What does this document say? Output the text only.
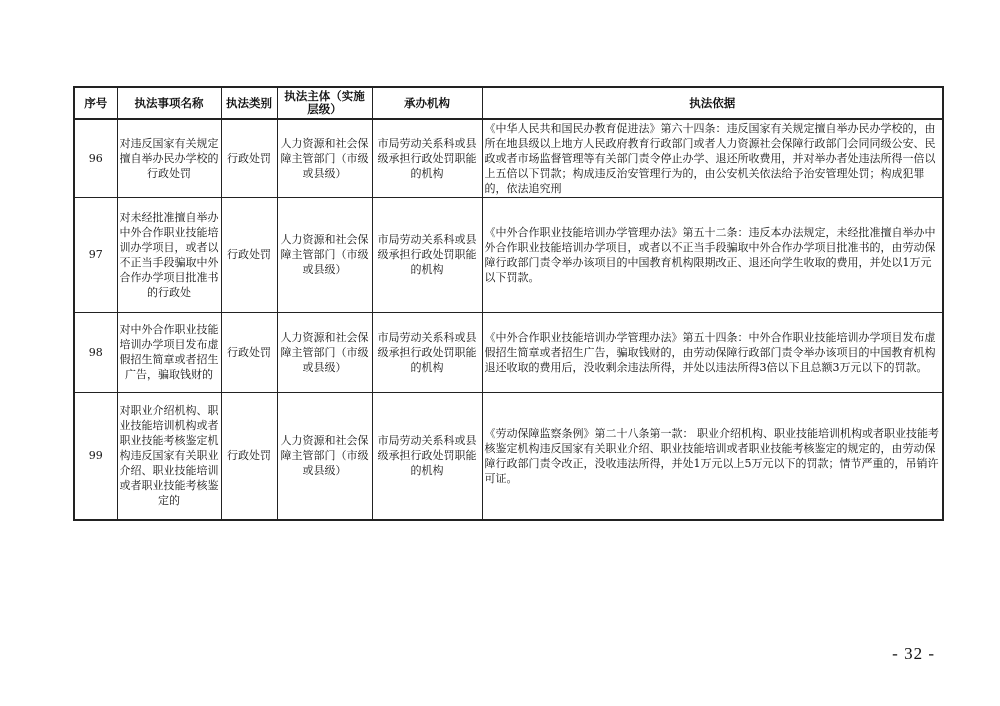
序号	执法事项名称	执法类别	执法主体（实施层级）	承办机构	执法依据
96	对违反国家有关规定擅自举办民办学校的行政处罚	行政处罚	人力资源和社会保障主管部门（市级或县级）	市局劳动关系科或县级承担行政处罚职能的机构	《中华人民共和国民办教育促进法》第六十四条：违反国家有关规定擅自举办民办学校的，由所在地县级以上地方人民政府教育行政部门或者人力资源社会保障行政部门会同同级公安、民政或者市场监督管理等有关部门责令停止办学、退还所收费用，并对举办者处违法所得一倍以上五倍以下罚款；构成违反治安管理行为的，由公安机关依法给予治安管理处罚；构成犯罪的，依法追究刑

97	对未经批准擅自举办中外合作职业技能培训办学项目，或者以不正当手段骗取中外合作办学项目批准书的行政处	行政处罚	人力资源和社会保障主管部门（市级或县级）	市局劳动关系科或县级承担行政处罚职能的机构	《中外合作职业技能培训办学管理办法》第五十二条：违反本办法规定，未经批准擅自举办中外合作职业技能培训办学项目，或者以不正当手段骗取中外合作办学项目批准书的，由劳动保障行政部门责令举办该项目的中国教育机构限期改正、退还向学生收取的费用，并处以1万元以下罚款。
98	对中外合作职业技能培训办学项目发布虚假招生简章或者招生广告，骗取钱财的	行政处罚	人力资源和社会保障主管部门（市级或县级）	市局劳动关系科或县级承担行政处罚职能的机构	《中外合作职业技能培训办学管理办法》第五十四条：中外合作职业技能培训办学项目发布虚假招生简章或者招生广告，骗取钱财的，由劳动保障行政部门责令举办该项目的中国教育机构退还收取的费用后，没收剩余违法所得，并处以违法所得3倍以下且总额3万元以下的罚款。
99	对职业介绍机构、职业技能培训机构或者职业技能考核鉴定机构违反国家有关职业介绍、职业技能培训或者职业技能考核鉴定的	行政处罚	人力资源和社会保障主管部门（市级或县级）	市局劳动关系科或县级承担行政处罚职能的机构	《劳动保障监察条例》第二十八条第一款： 职业介绍机构、职业技能培训机构或者职业技能考核鉴定机构违反国家有关职业介绍、职业技能培训或者职业技能考核鉴定的规定的，由劳动保障行政部门责令改正，没收违法所得，并处1万元以上5万元以下的罚款；情节严重的，吊销许可证。
- 32 -
